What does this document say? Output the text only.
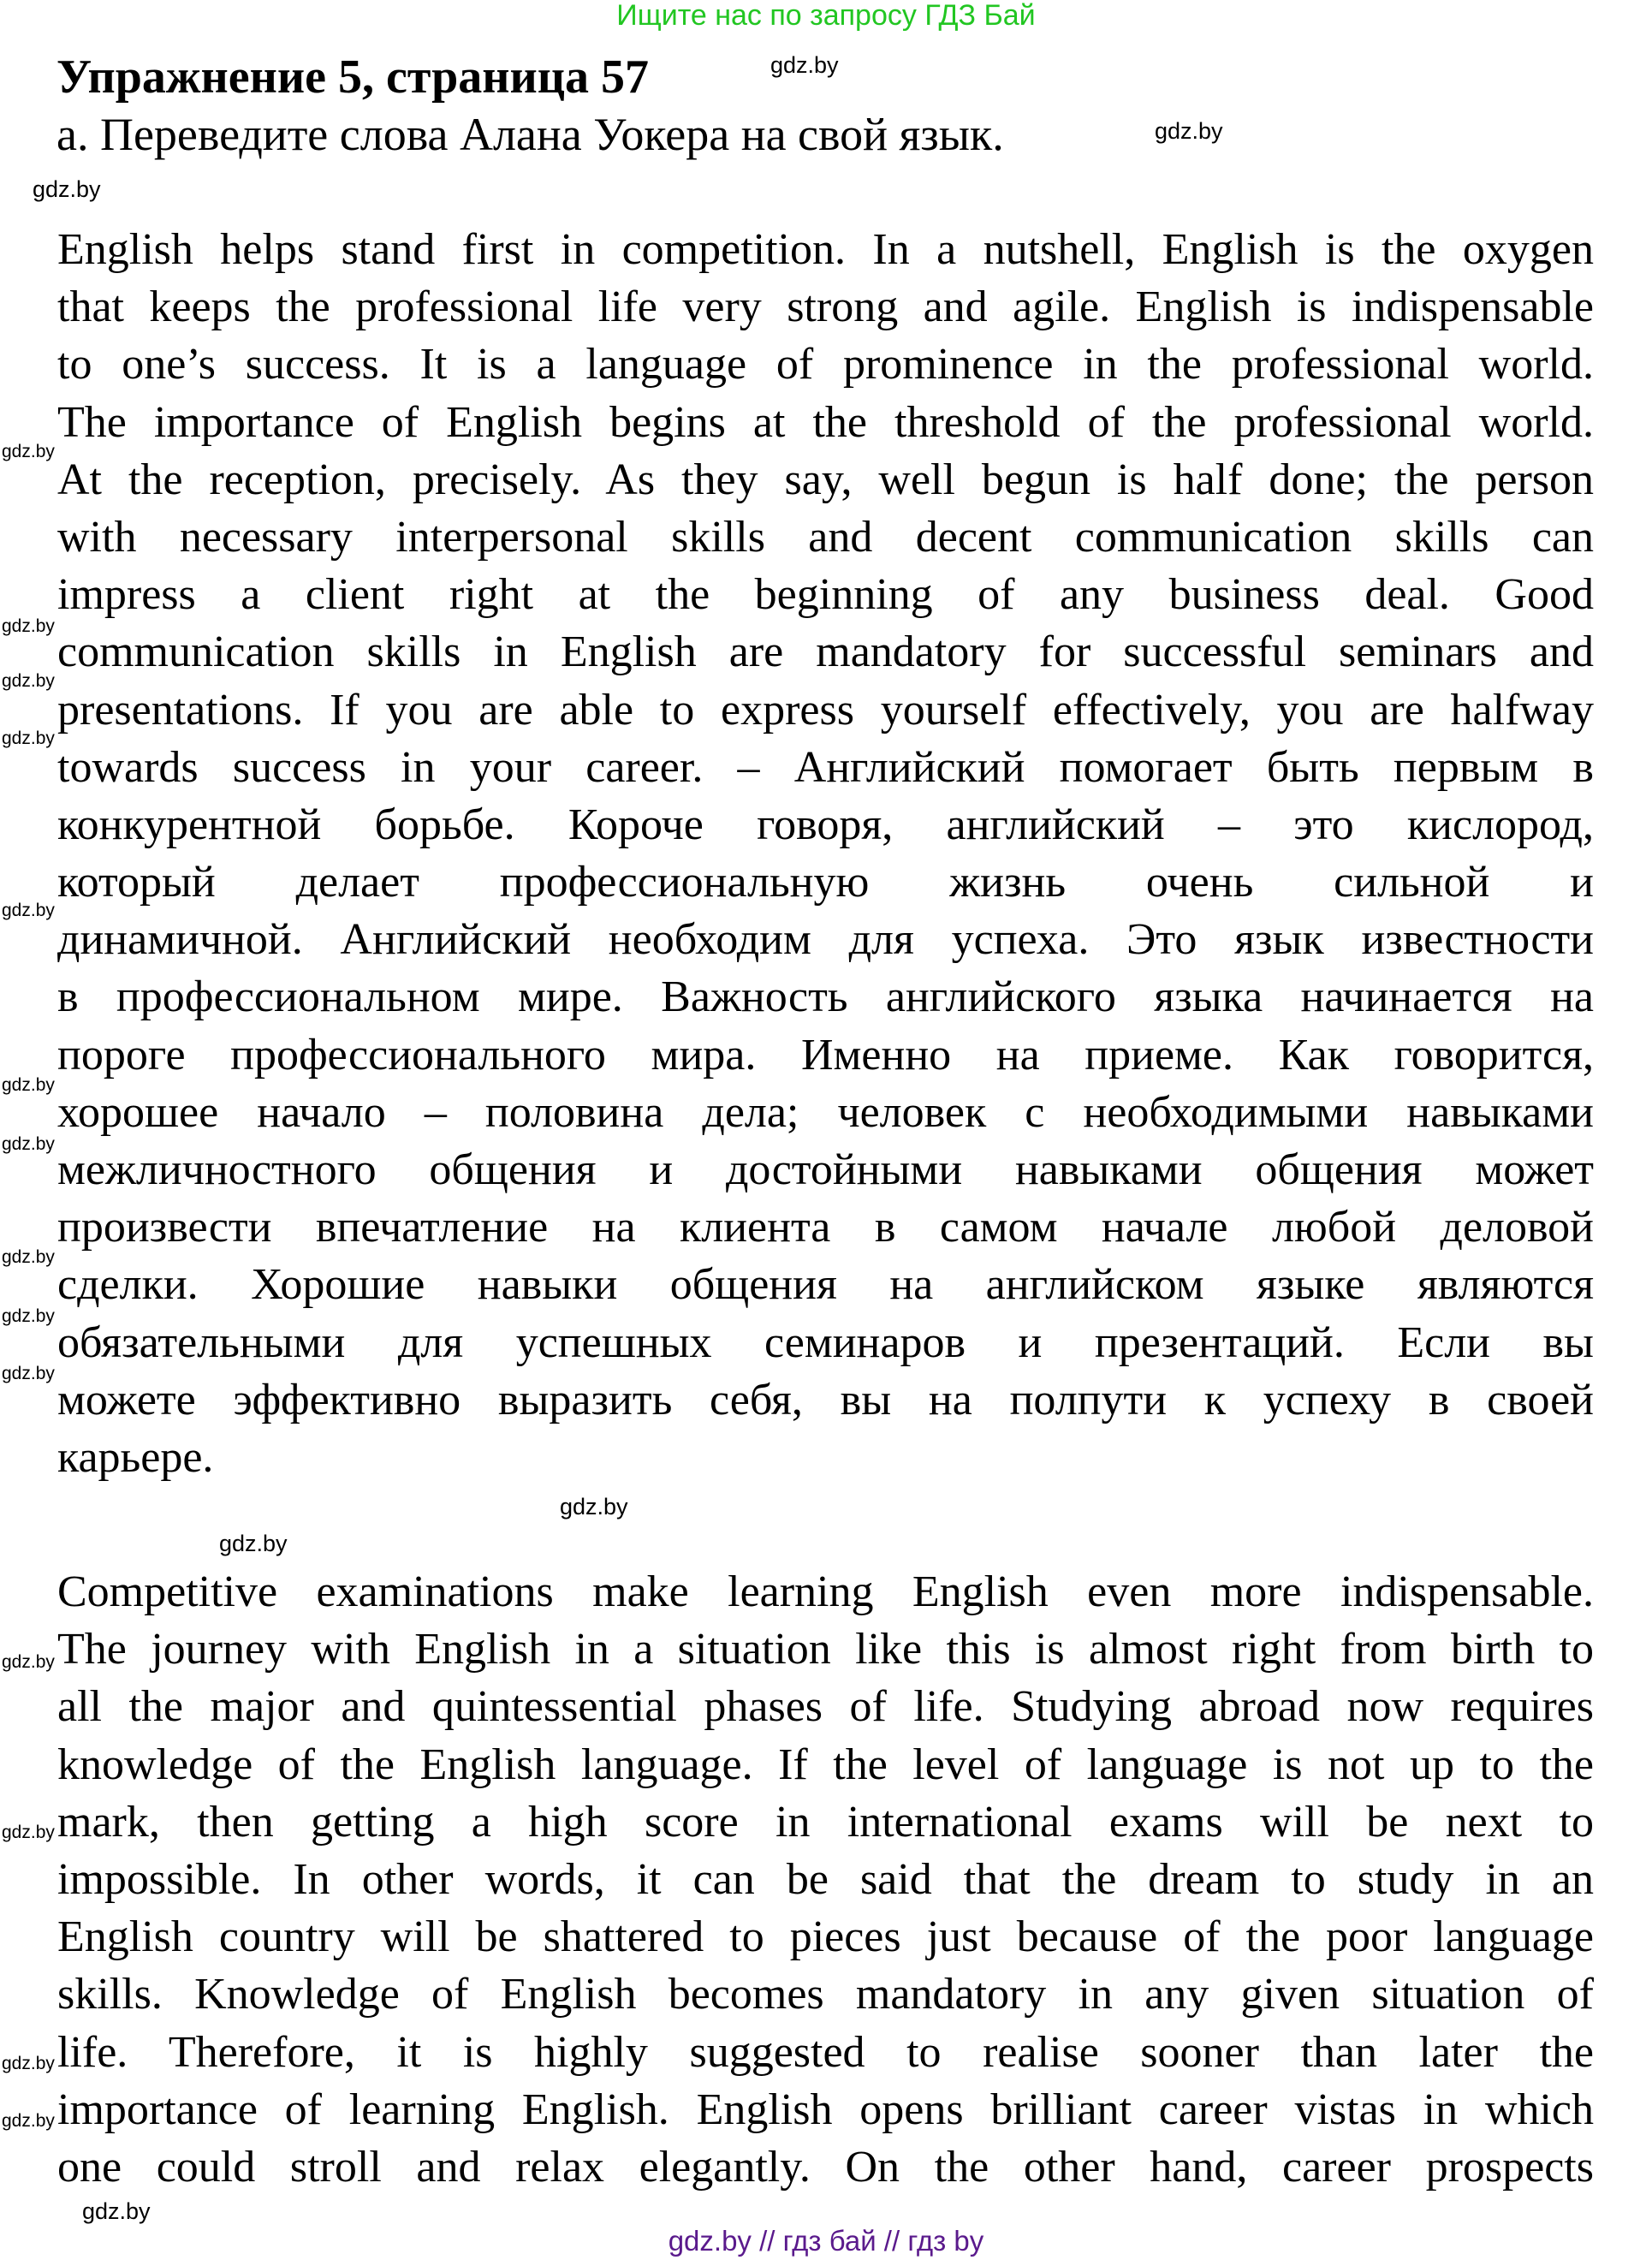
Ищите нас по запросу ГДЗ Бай
Упражнение 5, страница 57
а. Переведите слова Алана Уокера на свой язык.
English helps stand first in competition. In a nutshell, English is the oxygen
that keeps the professional life very strong and agile. English is indispensable
to one’s success. It is a language of prominence in the professional world.
The importance of English begins at the threshold of the professional world.
At the reception, precisely. As they say, well begun is half done; the person
with necessary interpersonal skills and decent communication skills can
impress a client right at the beginning of any business deal. Good
communication skills in English are mandatory for successful seminars and
presentations. If you are able to express yourself effectively, you are halfway
towards success in your career. – Английский помогает быть первым в
конкурентной борьбе. Короче говоря, английский – это кислород,
который делает профессиональную жизнь очень сильной и
динамичной. Английский необходим для успеха. Это язык известности
в профессиональном мире. Важность английского языка начинается на
пороге профессионального мира. Именно на приеме. Как говорится,
хорошее начало – половина дела; человек с необходимыми навыками
межличностного общения и достойными навыками общения может
произвести впечатление на клиента в самом начале любой деловой
сделки. Хорошие навыки общения на английском языке являются
обязательными для успешных семинаров и презентаций. Если вы
можете эффективно выразить себя, вы на полпути к успеху в своей
карьере.
Competitive examinations make learning English even more indispensable.
The journey with English in a situation like this is almost right from birth to
all the major and quintessential phases of life. Studying abroad now requires
knowledge of the English language. If the level of language is not up to the
mark, then getting a high score in international exams will be next to
impossible. In other words, it can be said that the dream to study in an
English country will be shattered to pieces just because of the poor language
skills. Knowledge of English becomes mandatory in any given situation of
life. Therefore, it is highly suggested to realise sooner than later the
importance of learning English. English opens brilliant career vistas in which
one could stroll and relax elegantly. On the other hand, career prospects
gdz.by
gdz.by
gdz.by
gdz.by
gdz.by
gdz.by
gdz.by
gdz.by
gdz.by
gdz.by
gdz.by
gdz.by
gdz.by
gdz.by
gdz.by
gdz.by
gdz.by
gdz.by
gdz.by
gdz.by
gdz.by // гдз бай // гдз by
